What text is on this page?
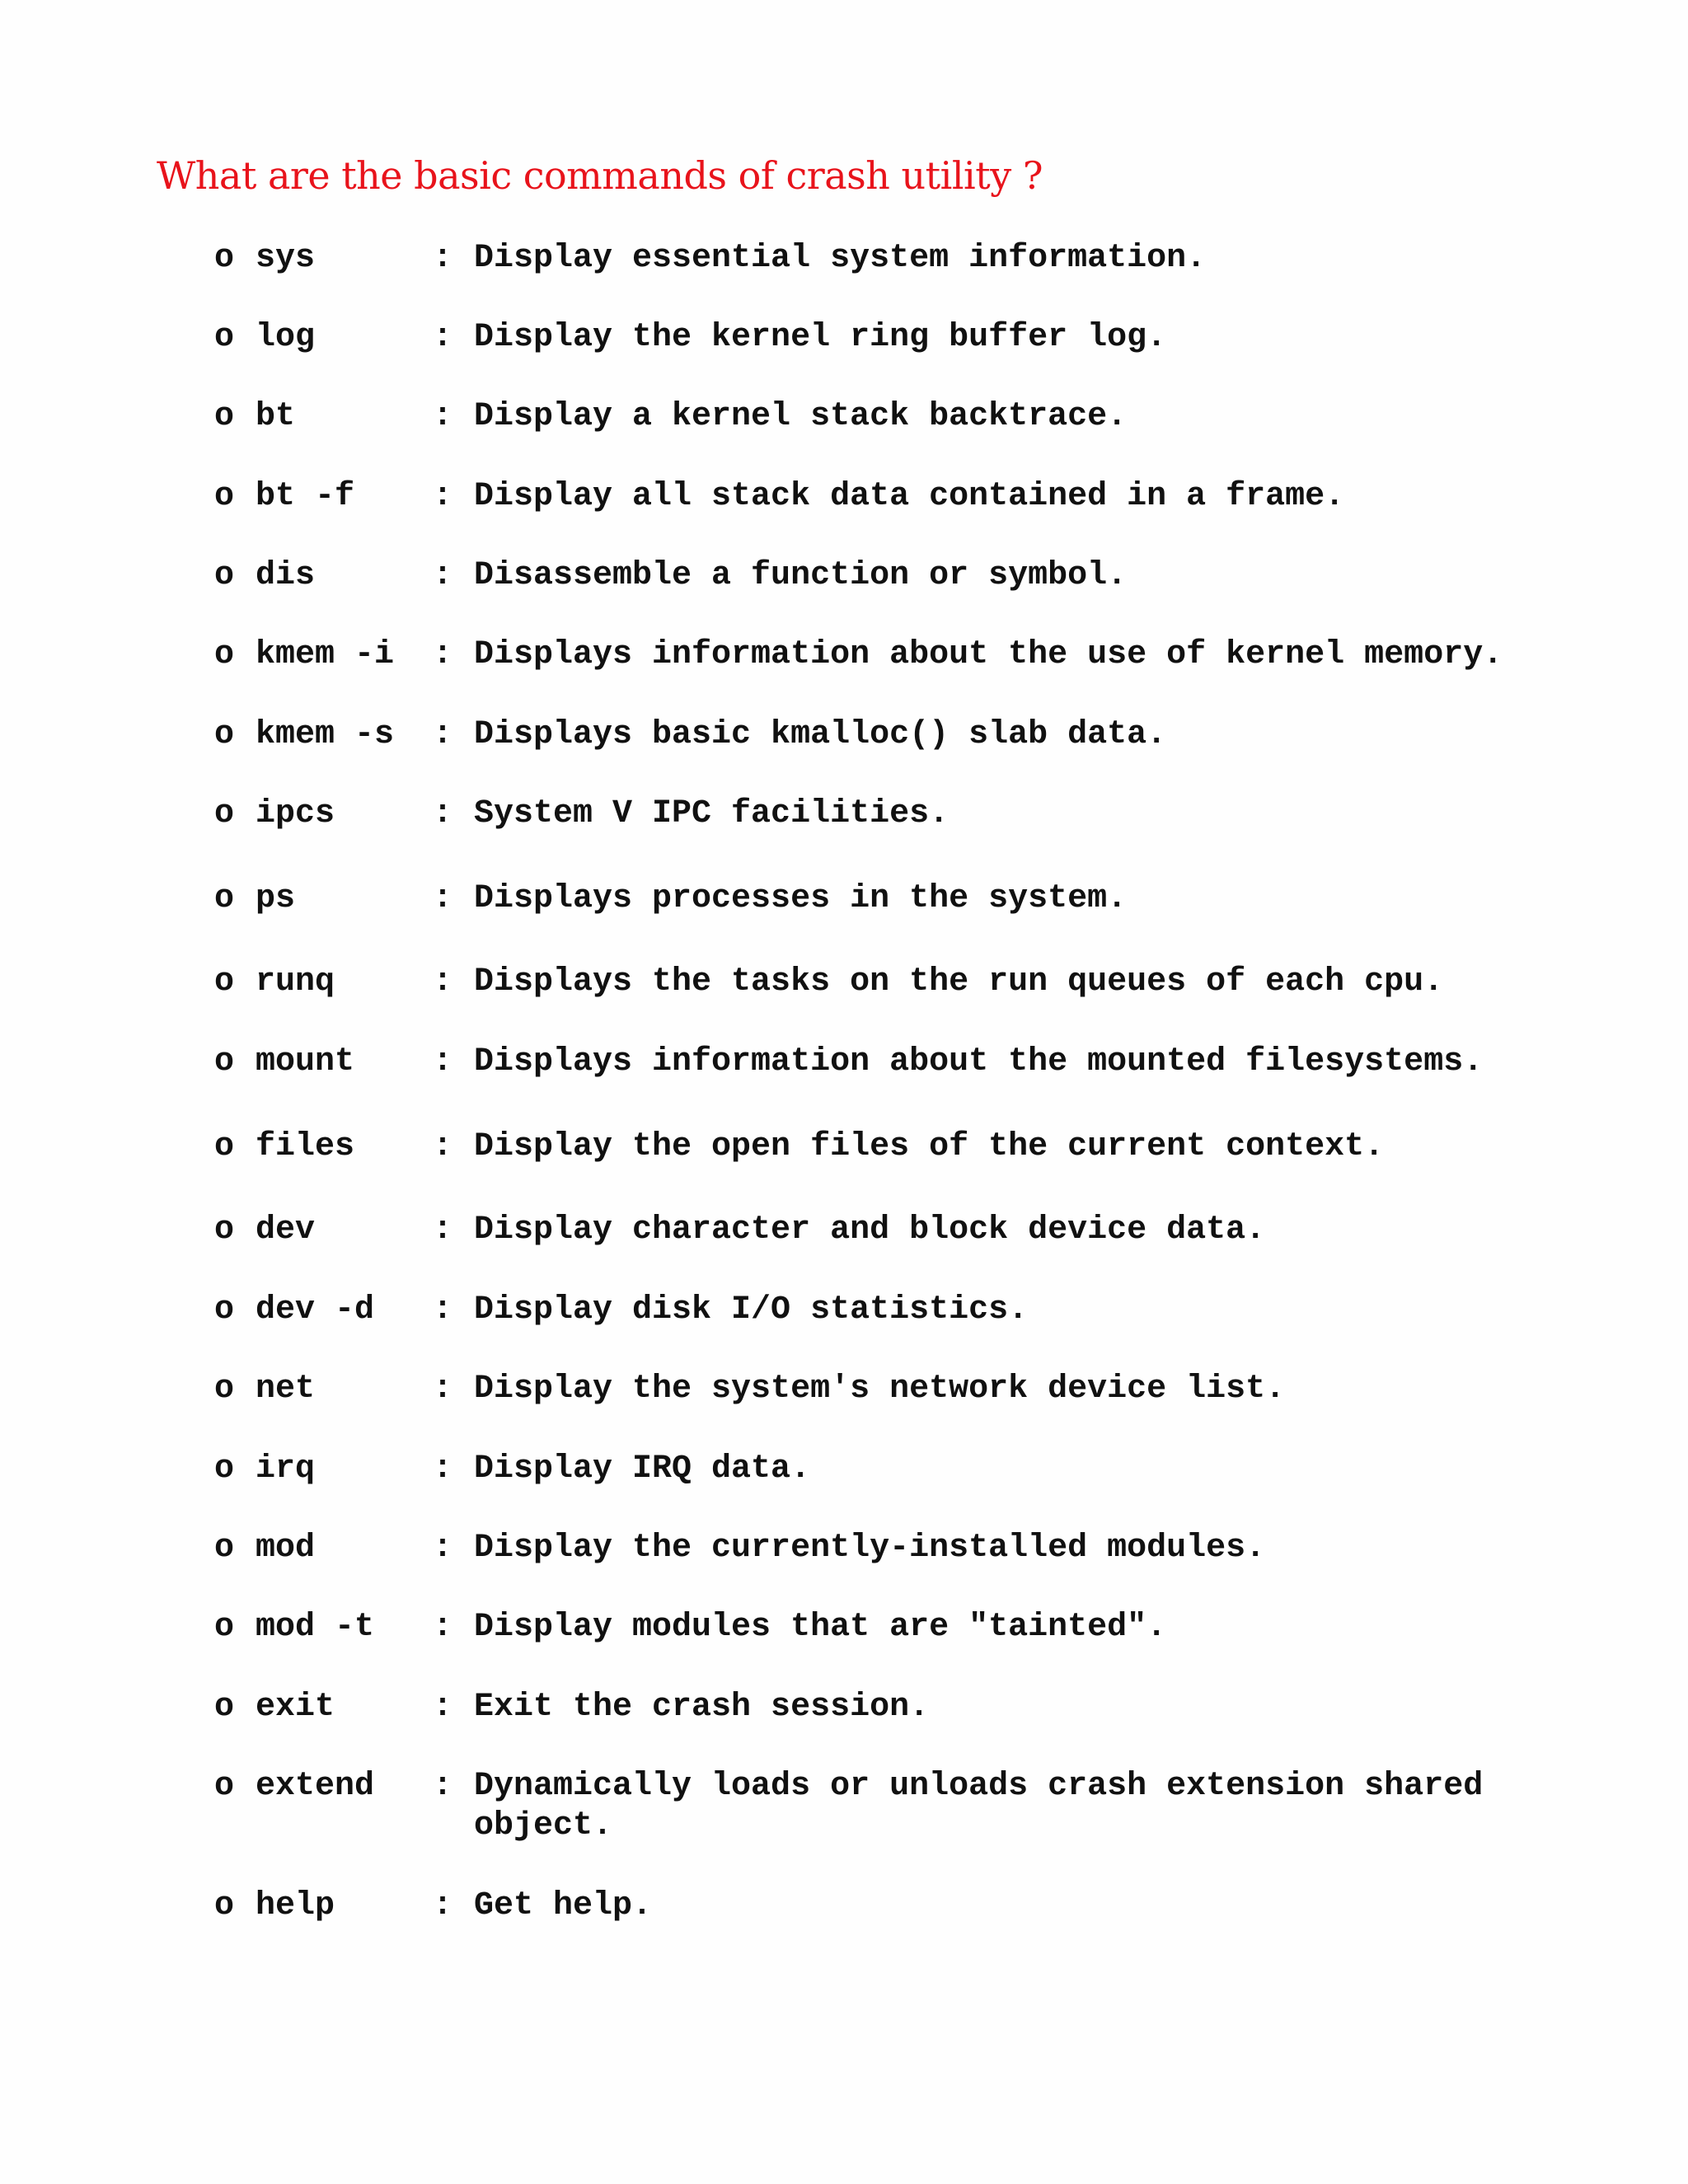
What are the basic commands of crash utility ?
o sys	: Display essential system information.
o log	: Display the kernel ring buffer log.
o bt	: Display a kernel stack backtrace.
o bt -f : Display all stack data contained in a frame.
o dis	: Disassemble a function or symbol.
o kmem -i : Displays information about the use of kernel memory.
o kmem -s : Displays basic kmalloc() slab data.
o ipcs	: System V IPC facilities.
o ps	: Displays processes in the system.
o runq	: Displays the tasks on the run queues of each cpu.
o mount : Displays information about the mounted filesystems.
o files : Display the open files of the current context.
o dev	: Display character and block device data.
o dev -d : Display disk I/O statistics.
o net	: Display the system's network device list.
o irq	: Display IRQ data.
o mod	: Display the currently-installed modules.
o mod -t : Display modules that are "tainted".
o exit	: Exit the crash session.
o extend : Dynamically loads or unloads crash extension shared
object.
o help	: Get help.
